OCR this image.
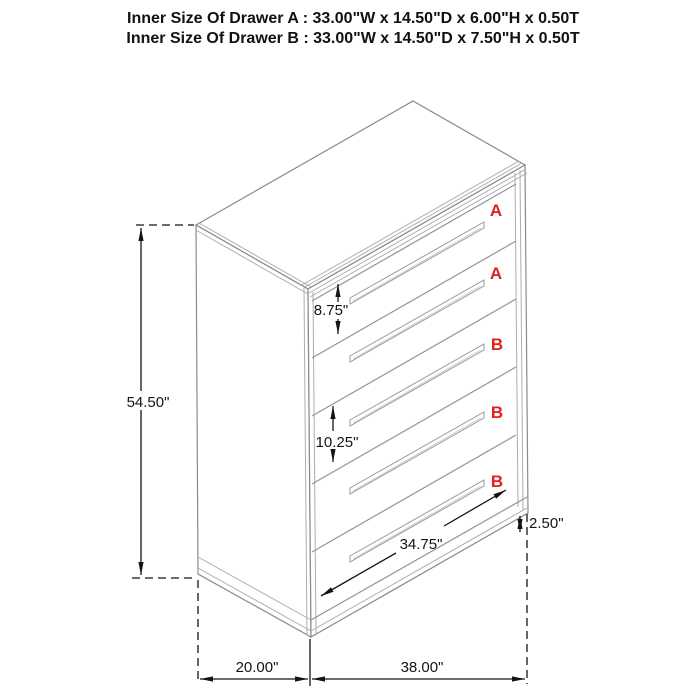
A
A
B
B
B
54.50"
8.75"
10.25"
2.50"
34.75"
20.00"	38.00"
Inner Size Of Drawer A : 33.00"W x 14.50"D x 6.00"H x 0.50T
Inner Size Of Drawer B : 33.00"W x 14.50"D x 7.50"H x 0.50T
